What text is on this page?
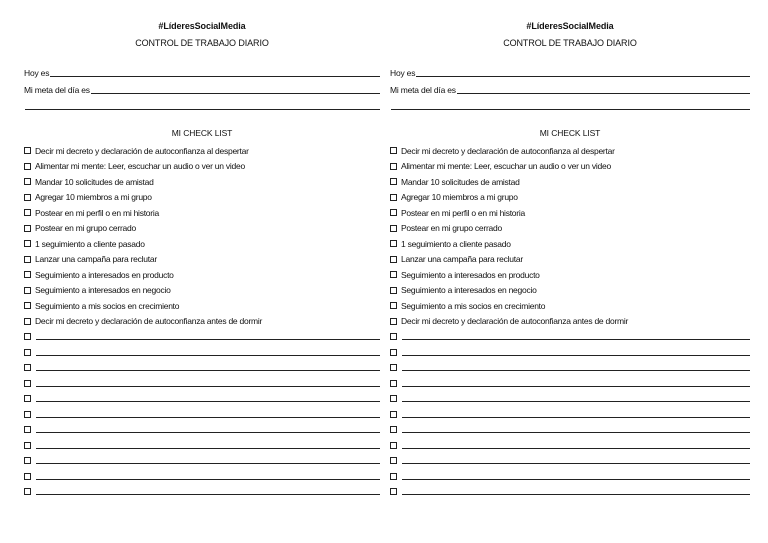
#LíderesSocialMedia
CONTROL DE TRABAJO DIARIO
Hoy es
Mi meta del día es
MI CHECK LIST
Decir mi decreto y declaración de autoconfianza al despertar
Alimentar mi mente: Leer, escuchar un audio o ver un video
Mandar 10 solicitudes de amistad
Agregar 10 miembros a mi grupo
Postear en mi perfil o en mi historia
Postear en mi grupo cerrado
1 seguimiento a cliente pasado
Lanzar una campaña para reclutar
Seguimiento a interesados en producto
Seguimiento a interesados en negocio
Seguimiento a mis socios en crecimiento
Decir mi decreto y declaración de autoconfianza antes de dormir
#LíderesSocialMedia
CONTROL DE TRABAJO DIARIO
Hoy es
Mi meta del día es
MI CHECK LIST
Decir mi decreto y declaración de autoconfianza al despertar
Alimentar mi mente: Leer, escuchar un audio o ver un video
Mandar 10 solicitudes de amistad
Agregar 10 miembros a mi grupo
Postear en mi perfil o en mi historia
Postear en mi grupo cerrado
1 seguimiento a cliente pasado
Lanzar una campaña para reclutar
Seguimiento a interesados en producto
Seguimiento a interesados en negocio
Seguimiento a mis socios en crecimiento
Decir mi decreto y declaración de autoconfianza antes de dormir
